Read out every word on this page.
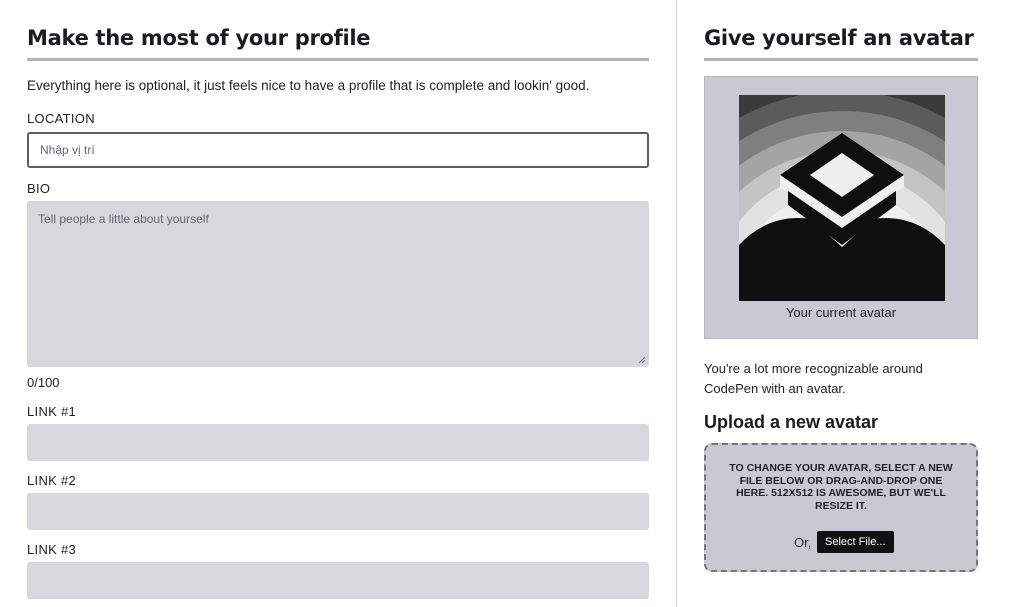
Make the most of your profile
Everything here is optional, it just feels nice to have a profile that is complete and lookin' good.
LOCATION
Nhập vị trí
BIO
Tell people a little about yourself
0/100
LINK #1
LINK #2
LINK #3
Give yourself an avatar
Your current avatar
You're a lot more recognizable around CodePen with an avatar.
Upload a new avatar
TO CHANGE YOUR AVATAR, SELECT A NEW FILE BELOW OR DRAG-AND-DROP ONE HERE. 512X512 IS AWESOME, BUT WE'LL RESIZE IT.
Or,	Select File...
